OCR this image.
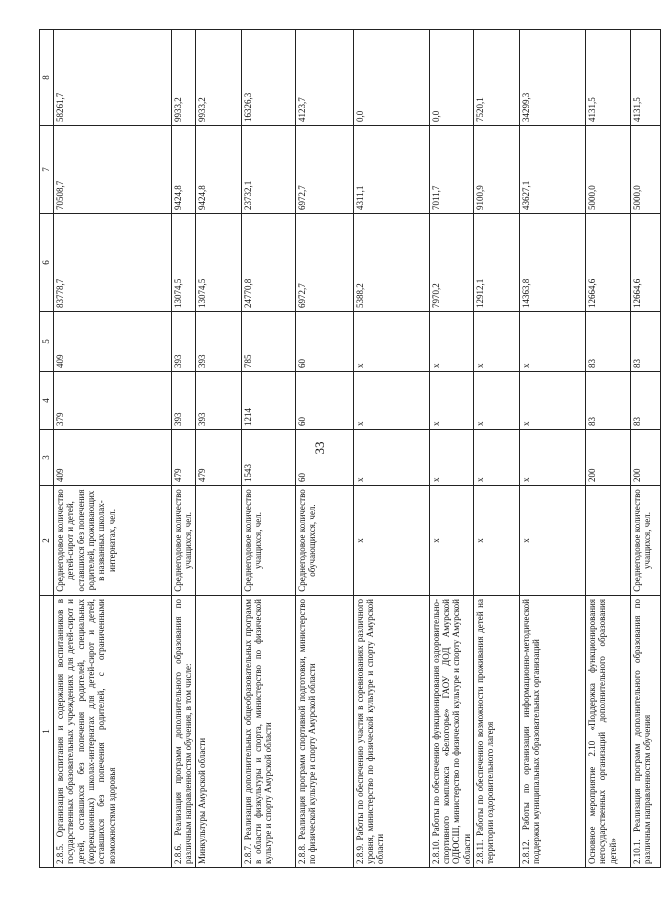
33
1	2	3	4	5	6	7	8
2.8.5. Организация воспитания и содержания воспитанников в государственных образовательных учреждениях для детей-сирот и детей, оставшихся без попечения родителей, специальных (коррекционных) школах-интернатах для детей-сирот и детей, оставшихся без попечения родителей, с ограниченными возможностями здоровья	Среднегодовое количество детей-сирот и детей, оставшихся без попечения родителей, проживающих в названных школах-интернатах, чел.	409	379	409	83778,7	70508,7	58261,7
2.8.6. Реализация программ дополнительного образования по различным направленностям обучения, в том числе:	Среднегодовое количество учащихся, чел.	479	393	393	13074,5	9424,8	9933,2
Минкультуры Амурской области		479	393	393	13074,5	9424,8	9933,2
2.8.7. Реализация дополнительных общеобразовательных программ в области физкультуры и спорта, министерство по физической культуре и спорту Амурской области	Среднегодовое количество учащихся, чел.	1543	1214	785	24770,8	23732,1	16326,3
2.8.8. Реализация программ спортивной подготовки, министерство по физической культуре и спорту Амурской области	Среднегодовое количество обучающихся, чел.	60	60	60	6972,7	6972,7	4123,7
2.8.9. Работы по обеспечению участия в соревнованиях различного уровня, министерство по физической культуре и спорту Амурской области	х	х	х	х	5388,2	4311,1	0,0
2.8.10. Работы по обеспечению функционирования оздоровительно-спортивного комплекса «Белогорье» ГАОУ ДОД Амурской ОДЮСШ, министерство по физической культуре и спорту Амурской области	х	х	х	х	7970,2	7011,7	0,0
2.8.11. Работы по обеспечению возможности проживания детей на территории оздоровительного лагеря	х	х	х	х	12912,1	9100,9	7520,1
2.8.12. Работы по организации информационно-методической поддержки муниципальных образовательных организаций	х	х	х	х	14363,8	43627,1	34299,3
Основное мероприятие 2.10 «Поддержка функционирования негосударственных организаций дополнительного образования детей»		200	83	83	12664,6	5000,0	4131,5
2.10.1. Реализация программ дополнительного образования по различным направленностям обучения	Среднегодовое количество учащихся, чел.	200	83	83	12664,6	5000,0	4131,5
